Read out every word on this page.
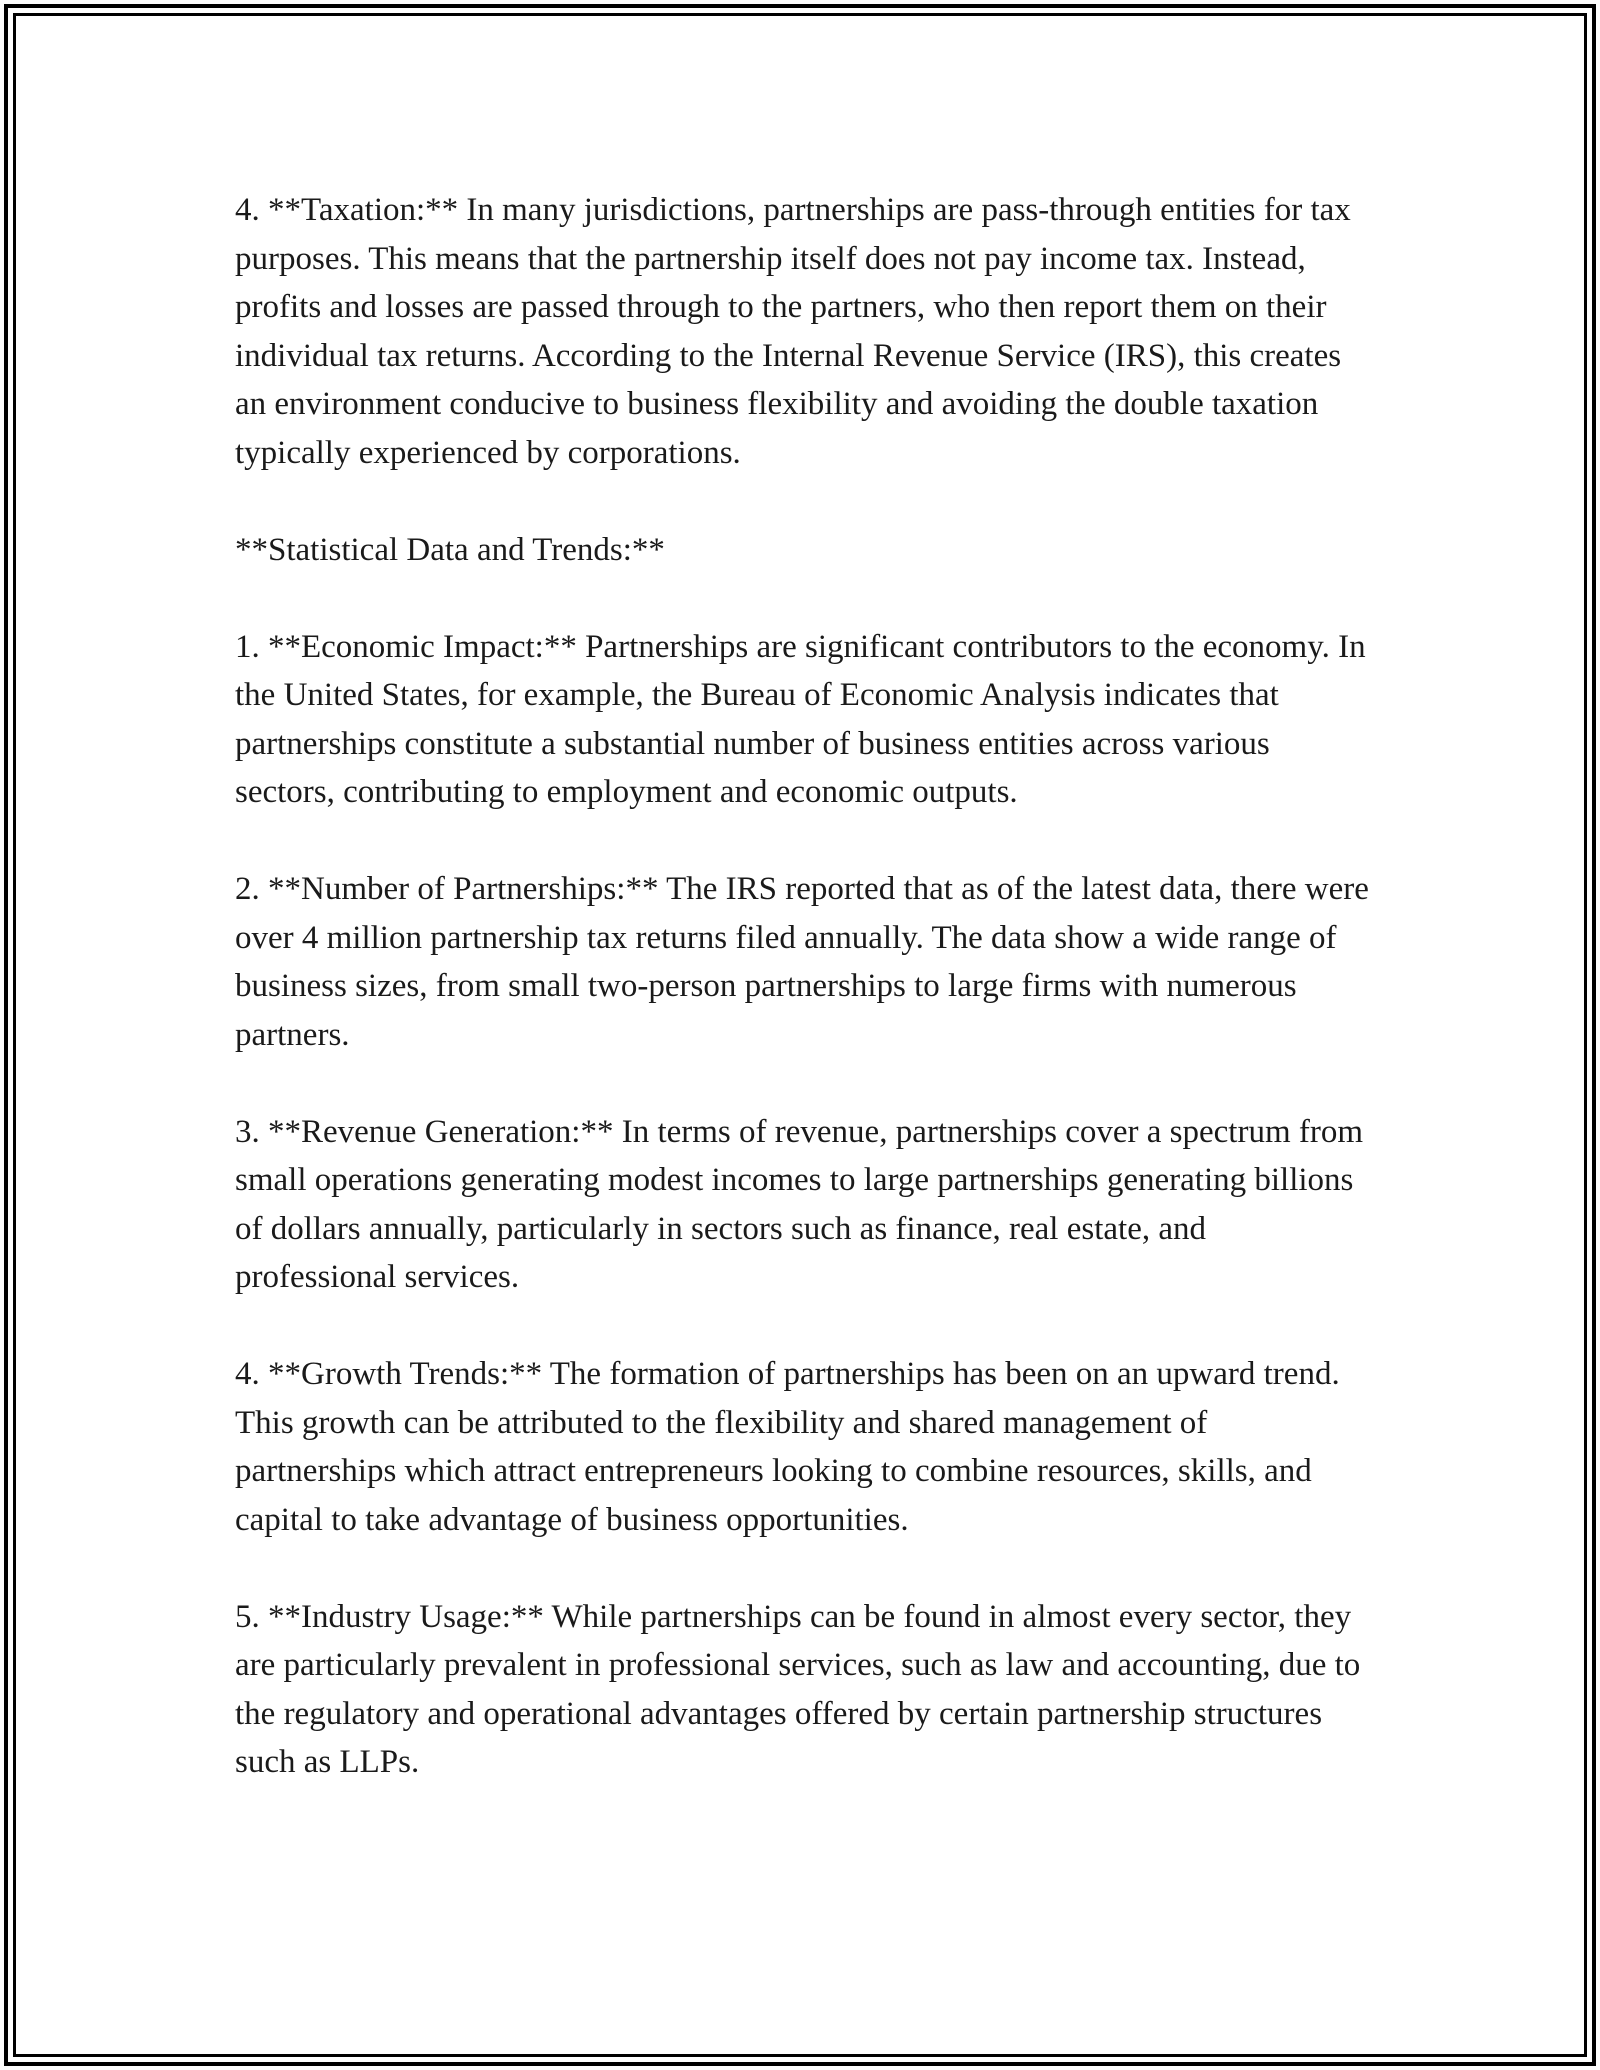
4. **Taxation:** In many jurisdictions, partnerships are pass-through entities for tax purposes. This means that the partnership itself does not pay income tax. Instead, profits and losses are passed through to the partners, who then report them on their individual tax returns. According to the Internal Revenue Service (IRS), this creates an environment conducive to business flexibility and avoiding the double taxation typically experienced by corporations.

**Statistical Data and Trends:**

1. **Economic Impact:** Partnerships are significant contributors to the economy. In the United States, for example, the Bureau of Economic Analysis indicates that partnerships constitute a substantial number of business entities across various sectors, contributing to employment and economic outputs.

2. **Number of Partnerships:** The IRS reported that as of the latest data, there were over 4 million partnership tax returns filed annually. The data show a wide range of business sizes, from small two-person partnerships to large firms with numerous partners.

3. **Revenue Generation:** In terms of revenue, partnerships cover a spectrum from small operations generating modest incomes to large partnerships generating billions of dollars annually, particularly in sectors such as finance, real estate, and professional services.

4. **Growth Trends:** The formation of partnerships has been on an upward trend. This growth can be attributed to the flexibility and shared management of partnerships which attract entrepreneurs looking to combine resources, skills, and capital to take advantage of business opportunities.

5. **Industry Usage:** While partnerships can be found in almost every sector, they are particularly prevalent in professional services, such as law and accounting, due to the regulatory and operational advantages offered by certain partnership structures such as LLPs.
